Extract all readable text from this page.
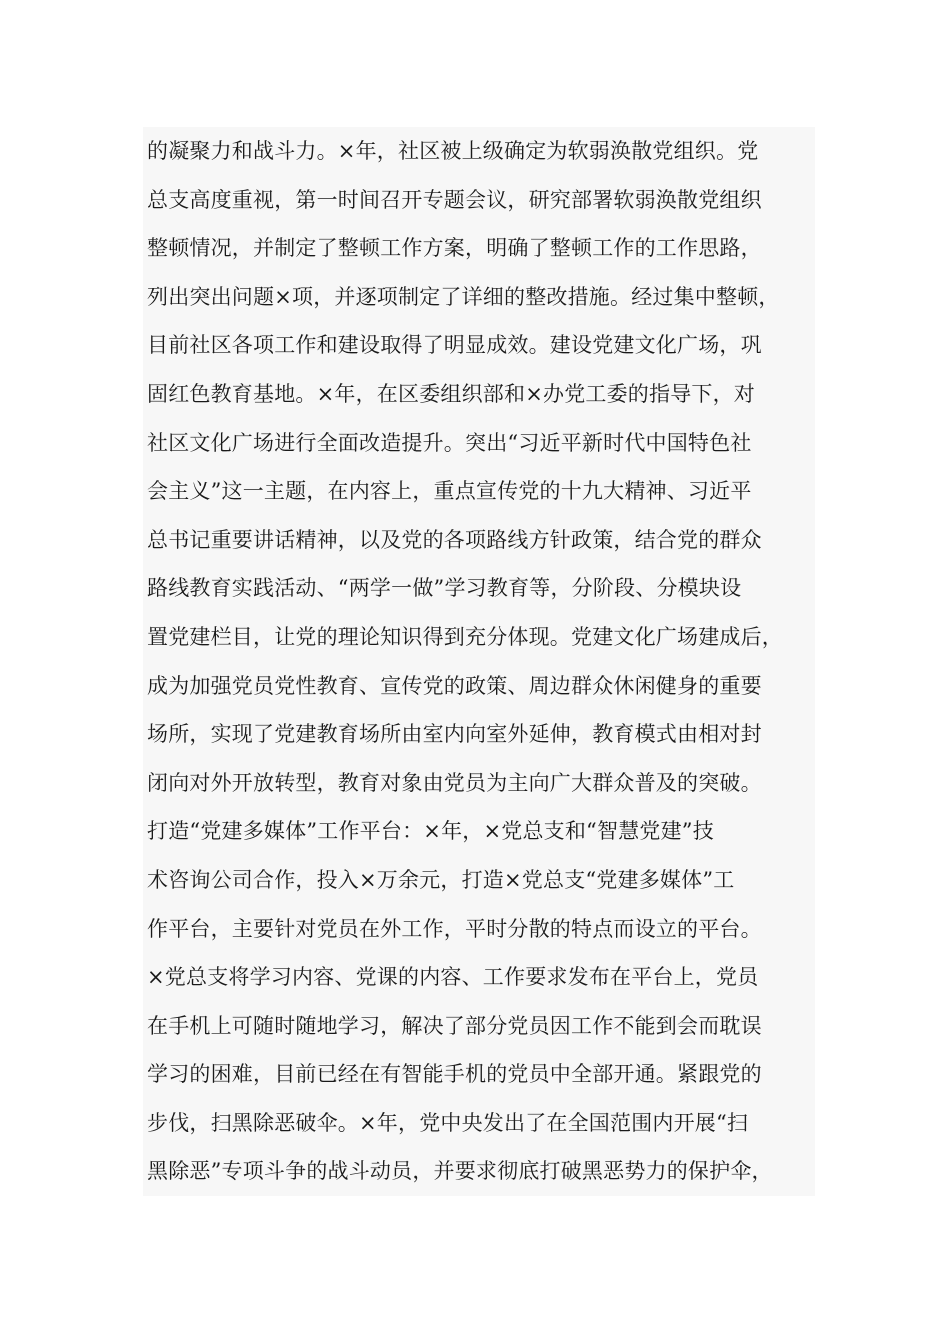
的凝聚力和战斗力。×年，社区被上级确定为软弱涣散党组织。党
总支高度重视，第一时间召开专题会议，研究部署软弱涣散党组织
整顿情况，并制定了整顿工作方案，明确了整顿工作的工作思路，
列出突出问题×项，并逐项制定了详细的整改措施。经过集中整顿，
目前社区各项工作和建设取得了明显成效。建设党建文化广场，巩
固红色教育基地。×年，在区委组织部和×办党工委的指导下，对
社区文化广场进行全面改造提升。突出“习近平新时代中国特色社
会主义”这一主题，在内容上，重点宣传党的十九大精神、习近平
总书记重要讲话精神，以及党的各项路线方针政策，结合党的群众
路线教育实践活动、“两学一做”学习教育等，分阶段、分模块设
置党建栏目，让党的理论知识得到充分体现。党建文化广场建成后，
成为加强党员党性教育、宣传党的政策、周边群众休闲健身的重要
场所，实现了党建教育场所由室内向室外延伸，教育模式由相对封
闭向对外开放转型，教育对象由党员为主向广大群众普及的突破。
打造“党建多媒体”工作平台：×年，×党总支和“智慧党建”技
术咨询公司合作，投入×万余元，打造×党总支“党建多媒体”工
作平台，主要针对党员在外工作，平时分散的特点而设立的平台。
×党总支将学习内容、党课的内容、工作要求发布在平台上，党员
在手机上可随时随地学习，解决了部分党员因工作不能到会而耽误
学习的困难，目前已经在有智能手机的党员中全部开通。紧跟党的
步伐，扫黑除恶破伞。×年，党中央发出了在全国范围内开展“扫
黑除恶”专项斗争的战斗动员，并要求彻底打破黑恶势力的保护伞，
